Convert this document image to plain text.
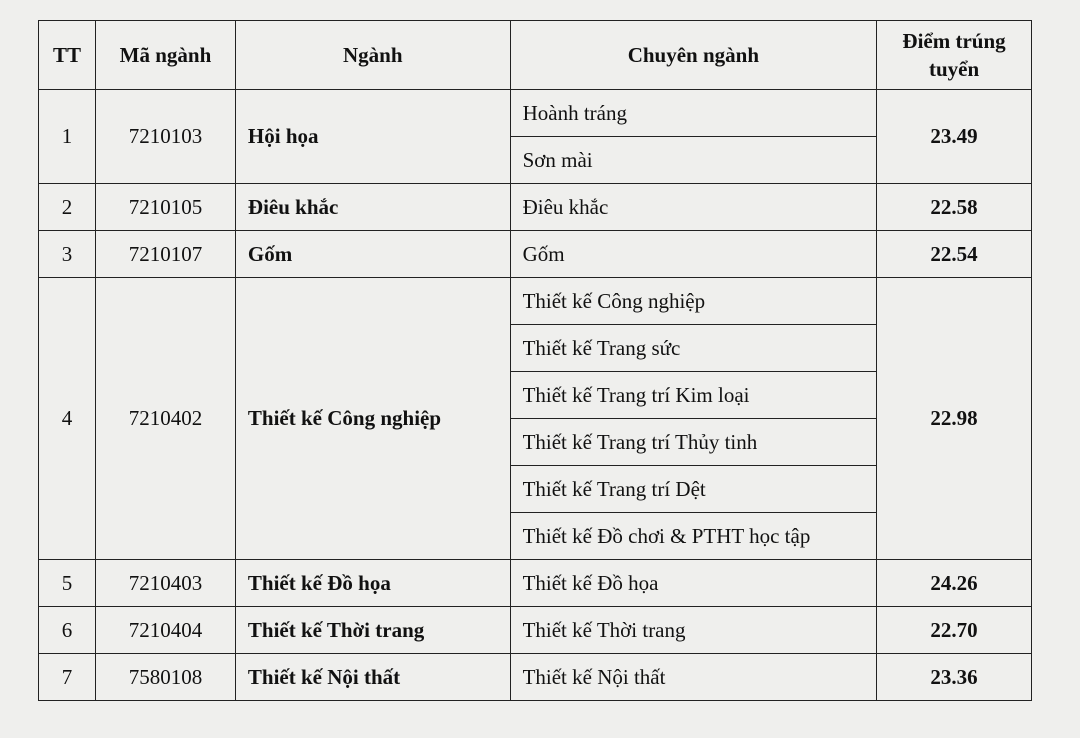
TT	Mã ngành	Ngành	Chuyên ngành	Điểm trúng tuyển
1	7210103	Hội họa	Hoành tráng	23.49
			Sơn mài	
2	7210105	Điêu khắc	Điêu khắc	22.58
3	7210107	Gốm	Gốm	22.54
4	7210402	Thiết kế Công nghiệp	Thiết kế Công nghiệp	22.98
			Thiết kế Trang sức	
			Thiết kế Trang trí Kim loại	
			Thiết kế Trang trí Thủy tinh	
			Thiết kế Trang trí Dệt	
			Thiết kế Đồ chơi & PTHT học tập	
5	7210403	Thiết kế Đồ họa	Thiết kế Đồ họa	24.26
6	7210404	Thiết kế Thời trang	Thiết kế Thời trang	22.70
7	7580108	Thiết kế Nội thất	Thiết kế Nội thất	23.36
